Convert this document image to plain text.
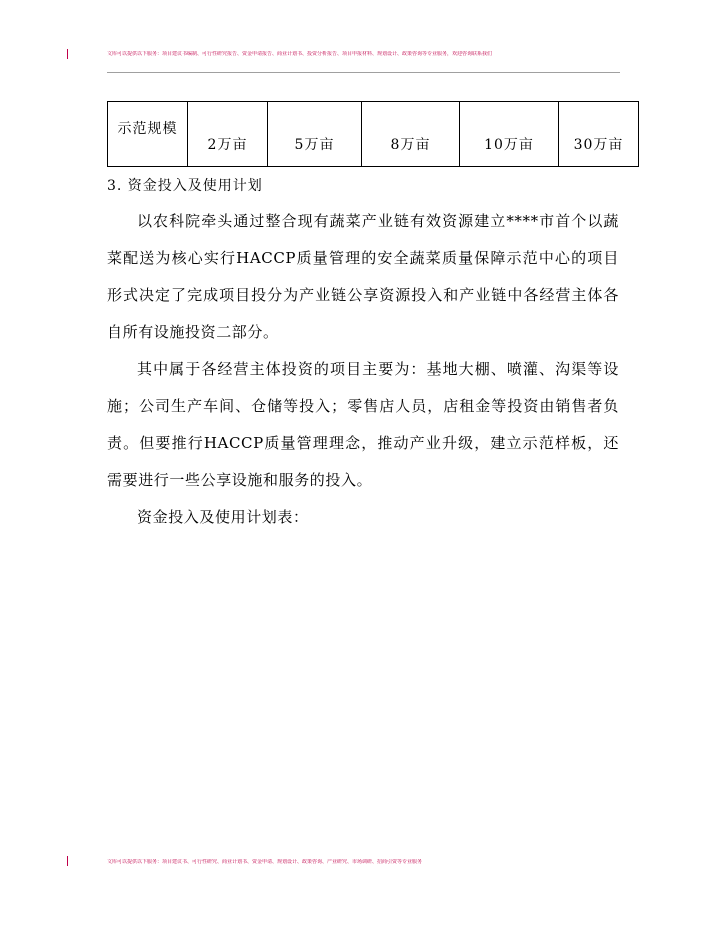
文库可以提供以下服务：项目建议书编制、可行性研究报告、资金申请报告、商业计划书、投资分析报告、项目申报材料、规划设计、政策咨询等专业服务，欢迎咨询联系我们
示范规模	2万亩	5万亩	8万亩	10万亩	30万亩
3. 资金投入及使用计划
以农科院牵头通过整合现有蔬菜产业链有效资源建立****市首个以蔬菜配送为核心实行HACCP质量管理的安全蔬菜质量保障示范中心的项目形式决定了完成项目投分为产业链公享资源投入和产业链中各经营主体各自所有设施投资二部分。
其中属于各经营主体投资的项目主要为：基地大棚、喷灌、沟渠等设施；公司生产车间、仓储等投入；零售店人员，店租金等投资由销售者负责。但要推行HACCP质量管理理念，推动产业升级，建立示范样板，还需要进行一些公享设施和服务的投入。
资金投入及使用计划表：
文库可以提供以下服务：项目建议书、可行性研究、商业计划书、资金申请、规划设计、政策咨询、产业研究、市场调研、招商引资等专业服务
